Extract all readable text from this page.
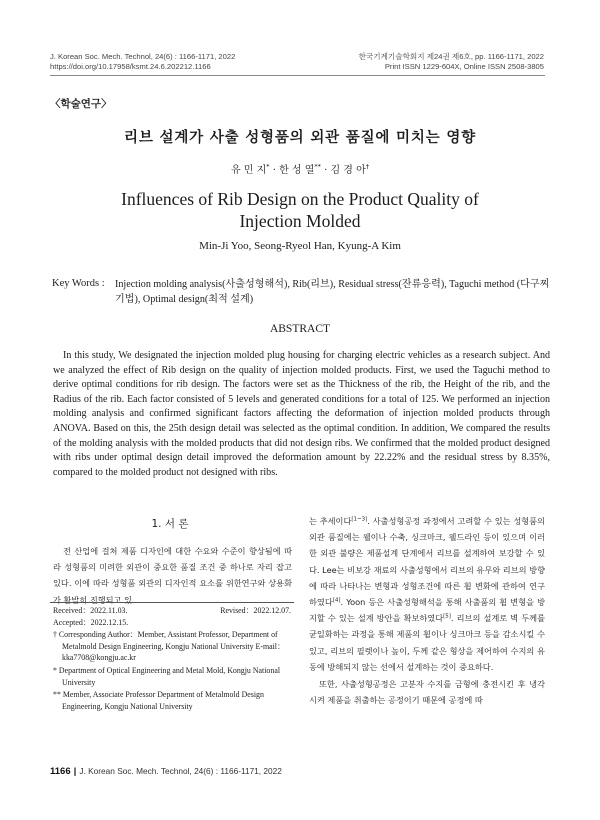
J. Korean Soc. Mech. Technol, 24(6) : 1166-1171, 2022
https://doi.org/10.17958/ksmt.24.6.202212.1166
한국기계기술학회지 제24권 제6호, pp. 1166-1171, 2022
Print ISSN 1229-604X, Online ISSN 2508-3805
〈학술연구〉
리브 설계가 사출 성형품의 외관 품질에 미치는 영향
유 민 지* · 한 성 열** · 김 경 아†
Influences of Rib Design on the Product Quality of
Injection Molded
Min-Ji Yoo, Seong-Ryeol Han, Kyung-A Kim
Key Words : Injection molding analysis(사출성형해석), Rib(리브), Residual stress(잔류응력), Taguchi method (다구찌 기법), Optimal design(최적 설계)
ABSTRACT

In this study, We designated the injection molded plug housing for charging electric vehicles as a research subject. And we analyzed the effect of Rib design on the quality of injection molded products. First, we used the Taguchi method to derive optimal conditions for rib design. The factors were set as the Thickness of the rib, the Height of the rib, and the Radius of the rib. Each factor consisted of 5 levels and generated conditions for a total of 125. We performed an injection molding analysis and confirmed significant factors affecting the deformation of injection molded products through ANOVA. Based on this, the 25th design detail was selected as the optimal condition. In addition, We compared the results of the molding analysis with the molded products that did not design ribs. We confirmed that the molded product designed with ribs under optimal design detail improved the deformation amount by 22.22% and the residual stress by 8.35%, compared to the molded product not designed with ribs.

1. 서 론

전 산업에 걸쳐 제품 디자인에 대한 수요와 수준이 향상됨에 따라 성형품의 미려한 외관이 중요한 품질 조건 중 하나로 자리 잡고 있다. 이에 따라 성형품 외관의 디자인적 요소를 위한연구와 상용화가 활발히 진행되고 있

Received：2022.11.03.	Revised：2022.12.07.
Accepted：2022.12.15.
† Corresponding Author：Member, Assistant Professor, Department of Metalmold Design Engineering, Kongju National University E-mail：kka7708@kongju.ac.kr
* Department of Optical Engineering and Metal Mold, Kongju National University
** Member, Associate Professor Department of Metalmold Design Engineering, Kongju National University

는 추세이다[1~3]. 사출성형공정 과정에서 고려할 수 있는 성형품의 외관 품질에는 웰이나 수축, 싱크마크, 웰드라인 등이 있으며 이러한 외관 불량은 제품설계 단계에서 리브를 설계하여 보강할 수 있다. Lee는 비보강 재료의 사출성형에서 리브의 유무와 리브의 방향에 따라 나타나는 변형과 성형조건에 따른 휨 변화에 관하여 연구하였다[4]. Yoon 등은 사출성형해석을 통해 사출품의 휨 변형을 방지할 수 있는 설계 방안을 확보하였다[5]. 리브의 설계로 벽 두께를 균일화하는 과정을 통해 제품의 휨이나 싱크마크 등을 감소시킬 수 있고, 리브의 필렛이나 높이, 두께 같은 형상을 제어하여 수지의 유동에 방해되지 않는 선에서 설계하는 것이 중요하다.

또한, 사출성형공정은 고분자 수지를 금형에 충전시킨 후 냉각시켜 제품을 취출하는 공정이기 때문에 공정에 따

1166 ∥ J. Korean Soc. Mech. Technol, 24(6) : 1166-1171, 2022
